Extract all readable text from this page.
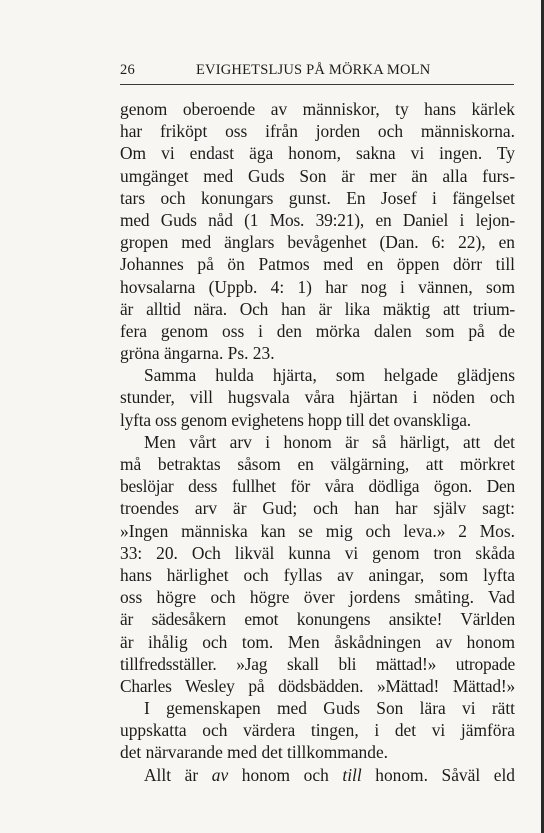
26	EVIGHETSLJUS PÅ MÖRKA MOLN
genom oberoende av människor, ty hans kärlek
har friköpt oss ifrån jorden och människorna.
Om vi endast äga honom, sakna vi ingen. Ty
umgänget med Guds Son är mer än alla furs-
tars och konungars gunst. En Josef i fängelset
med Guds nåd (1 Mos. 39:21), en Daniel i lejon-
gropen med änglars bevågenhet (Dan. 6: 22), en
Johannes på ön Patmos med en öppen dörr till
hovsalarna (Uppb. 4: 1) har nog i vännen, som
är alltid nära. Och han är lika mäktig att trium-
fera genom oss i den mörka dalen som på de
gröna ängarna. Ps. 23.
Samma hulda hjärta, som helgade glädjens
stunder, vill hugsvala våra hjärtan i nöden och
lyfta oss genom evighetens hopp till det ovanskliga.
Men vårt arv i honom är så härligt, att det
må betraktas såsom en välgärning, att mörkret
beslöjar dess fullhet för våra dödliga ögon. Den
troendes arv är Gud; och han har själv sagt:
»Ingen människa kan se mig och leva.» 2 Mos.
33: 20. Och likväl kunna vi genom tron skåda
hans härlighet och fyllas av aningar, som lyfta
oss högre och högre över jordens småting. Vad
är sädesåkern emot konungens ansikte! Världen
är ihålig och tom. Men åskådningen av honom
tillfredsställer. »Jag skall bli mättad!» utropade
Charles Wesley på dödsbädden. »Mättad! Mättad!»
I gemenskapen med Guds Son lära vi rätt
uppskatta och värdera tingen, i det vi jämföra
det närvarande med det tillkommande.
Allt är av honom och till honom. Såväl eld
